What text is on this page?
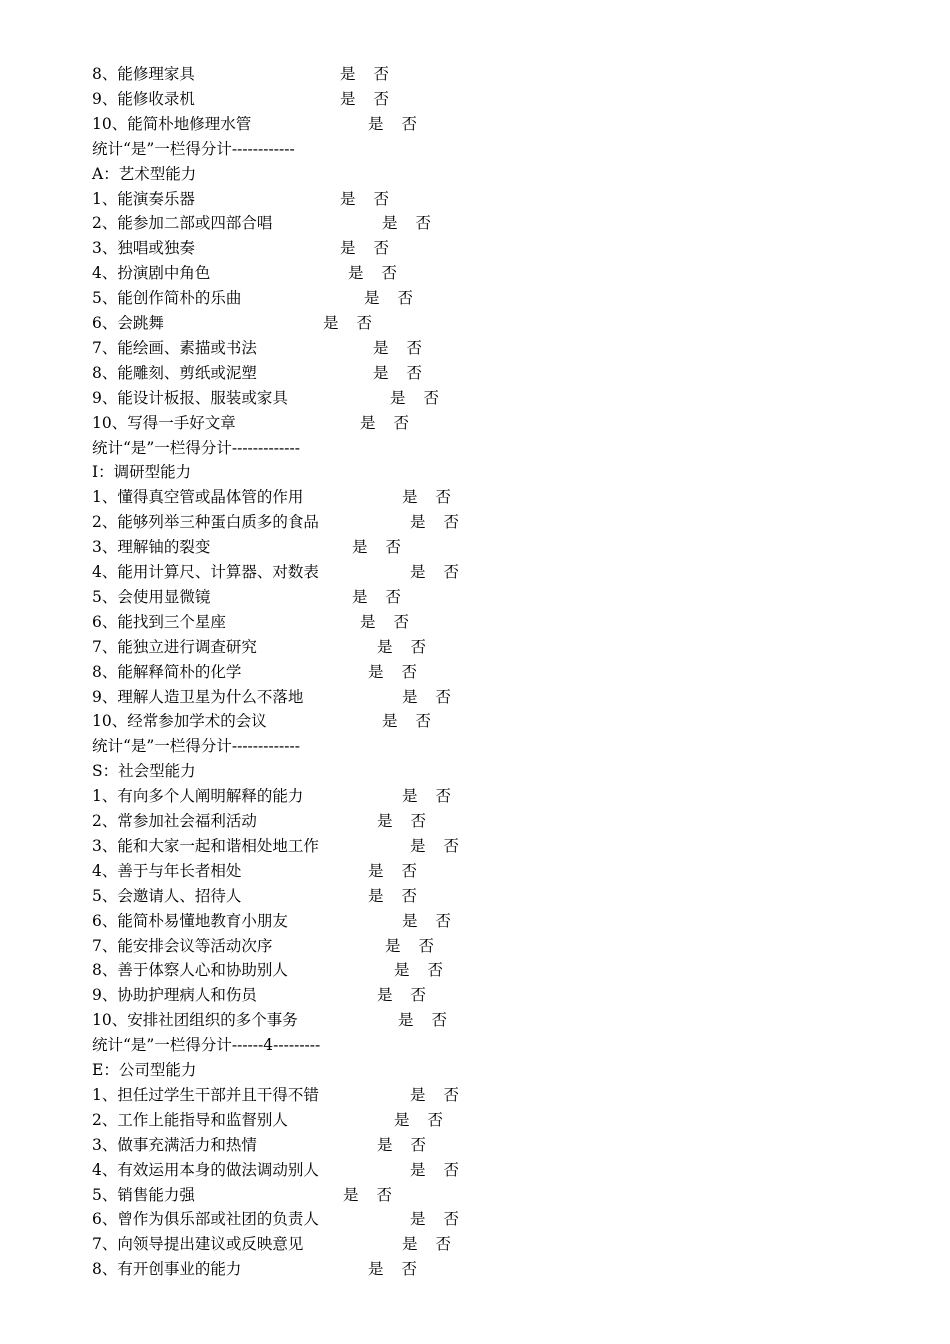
8、能修理家具	是 否
9、能修收录机	是 否
10、能简朴地修理水管	是 否
统计“是”一栏得分计------------
A：艺术型能力
1、能演奏乐器	是 否
2、能参加二部或四部合唱	是 否
3、独唱或独奏	是 否
4、扮演剧中角色	是 否
5、能创作简朴的乐曲	是 否
6、会跳舞	是 否
7、能绘画、素描或书法	是 否
8、能雕刻、剪纸或泥塑	是 否
9、能设计板报、服装或家具	是 否
10、写得一手好文章	是 否
统计“是”一栏得分计-------------
I：调研型能力
1、懂得真空管或晶体管的作用	是 否
2、能够列举三种蛋白质多的食品	是 否
3、理解铀的裂变	是 否
4、能用计算尺、计算器、对数表	是 否
5、会使用显微镜	是 否
6、能找到三个星座	是 否
7、能独立进行调查研究	是 否
8、能解释简朴的化学	是 否
9、理解人造卫星为什么不落地	是 否
10、经常参加学术的会议	是 否
统计“是”一栏得分计-------------
S：社会型能力
1、有向多个人阐明解释的能力	是 否
2、常参加社会福利活动	是 否
3、能和大家一起和谐相处地工作	是 否
4、善于与年长者相处	是 否
5、会邀请人、招待人	是 否
6、能简朴易懂地教育小朋友	是 否
7、能安排会议等活动次序	是 否
8、善于体察人心和协助别人	是 否
9、协助护理病人和伤员	是 否
10、安排社团组织的多个事务	是 否
统计“是”一栏得分计------4---------
E：公司型能力
1、担任过学生干部并且干得不错	是 否
2、工作上能指导和监督别人	是 否
3、做事充满活力和热情	是 否
4、有效运用本身的做法调动别人	是 否
5、销售能力强	是 否
6、曾作为俱乐部或社团的负责人	是 否
7、向领导提出建议或反映意见	是 否
8、有开创事业的能力	是 否
